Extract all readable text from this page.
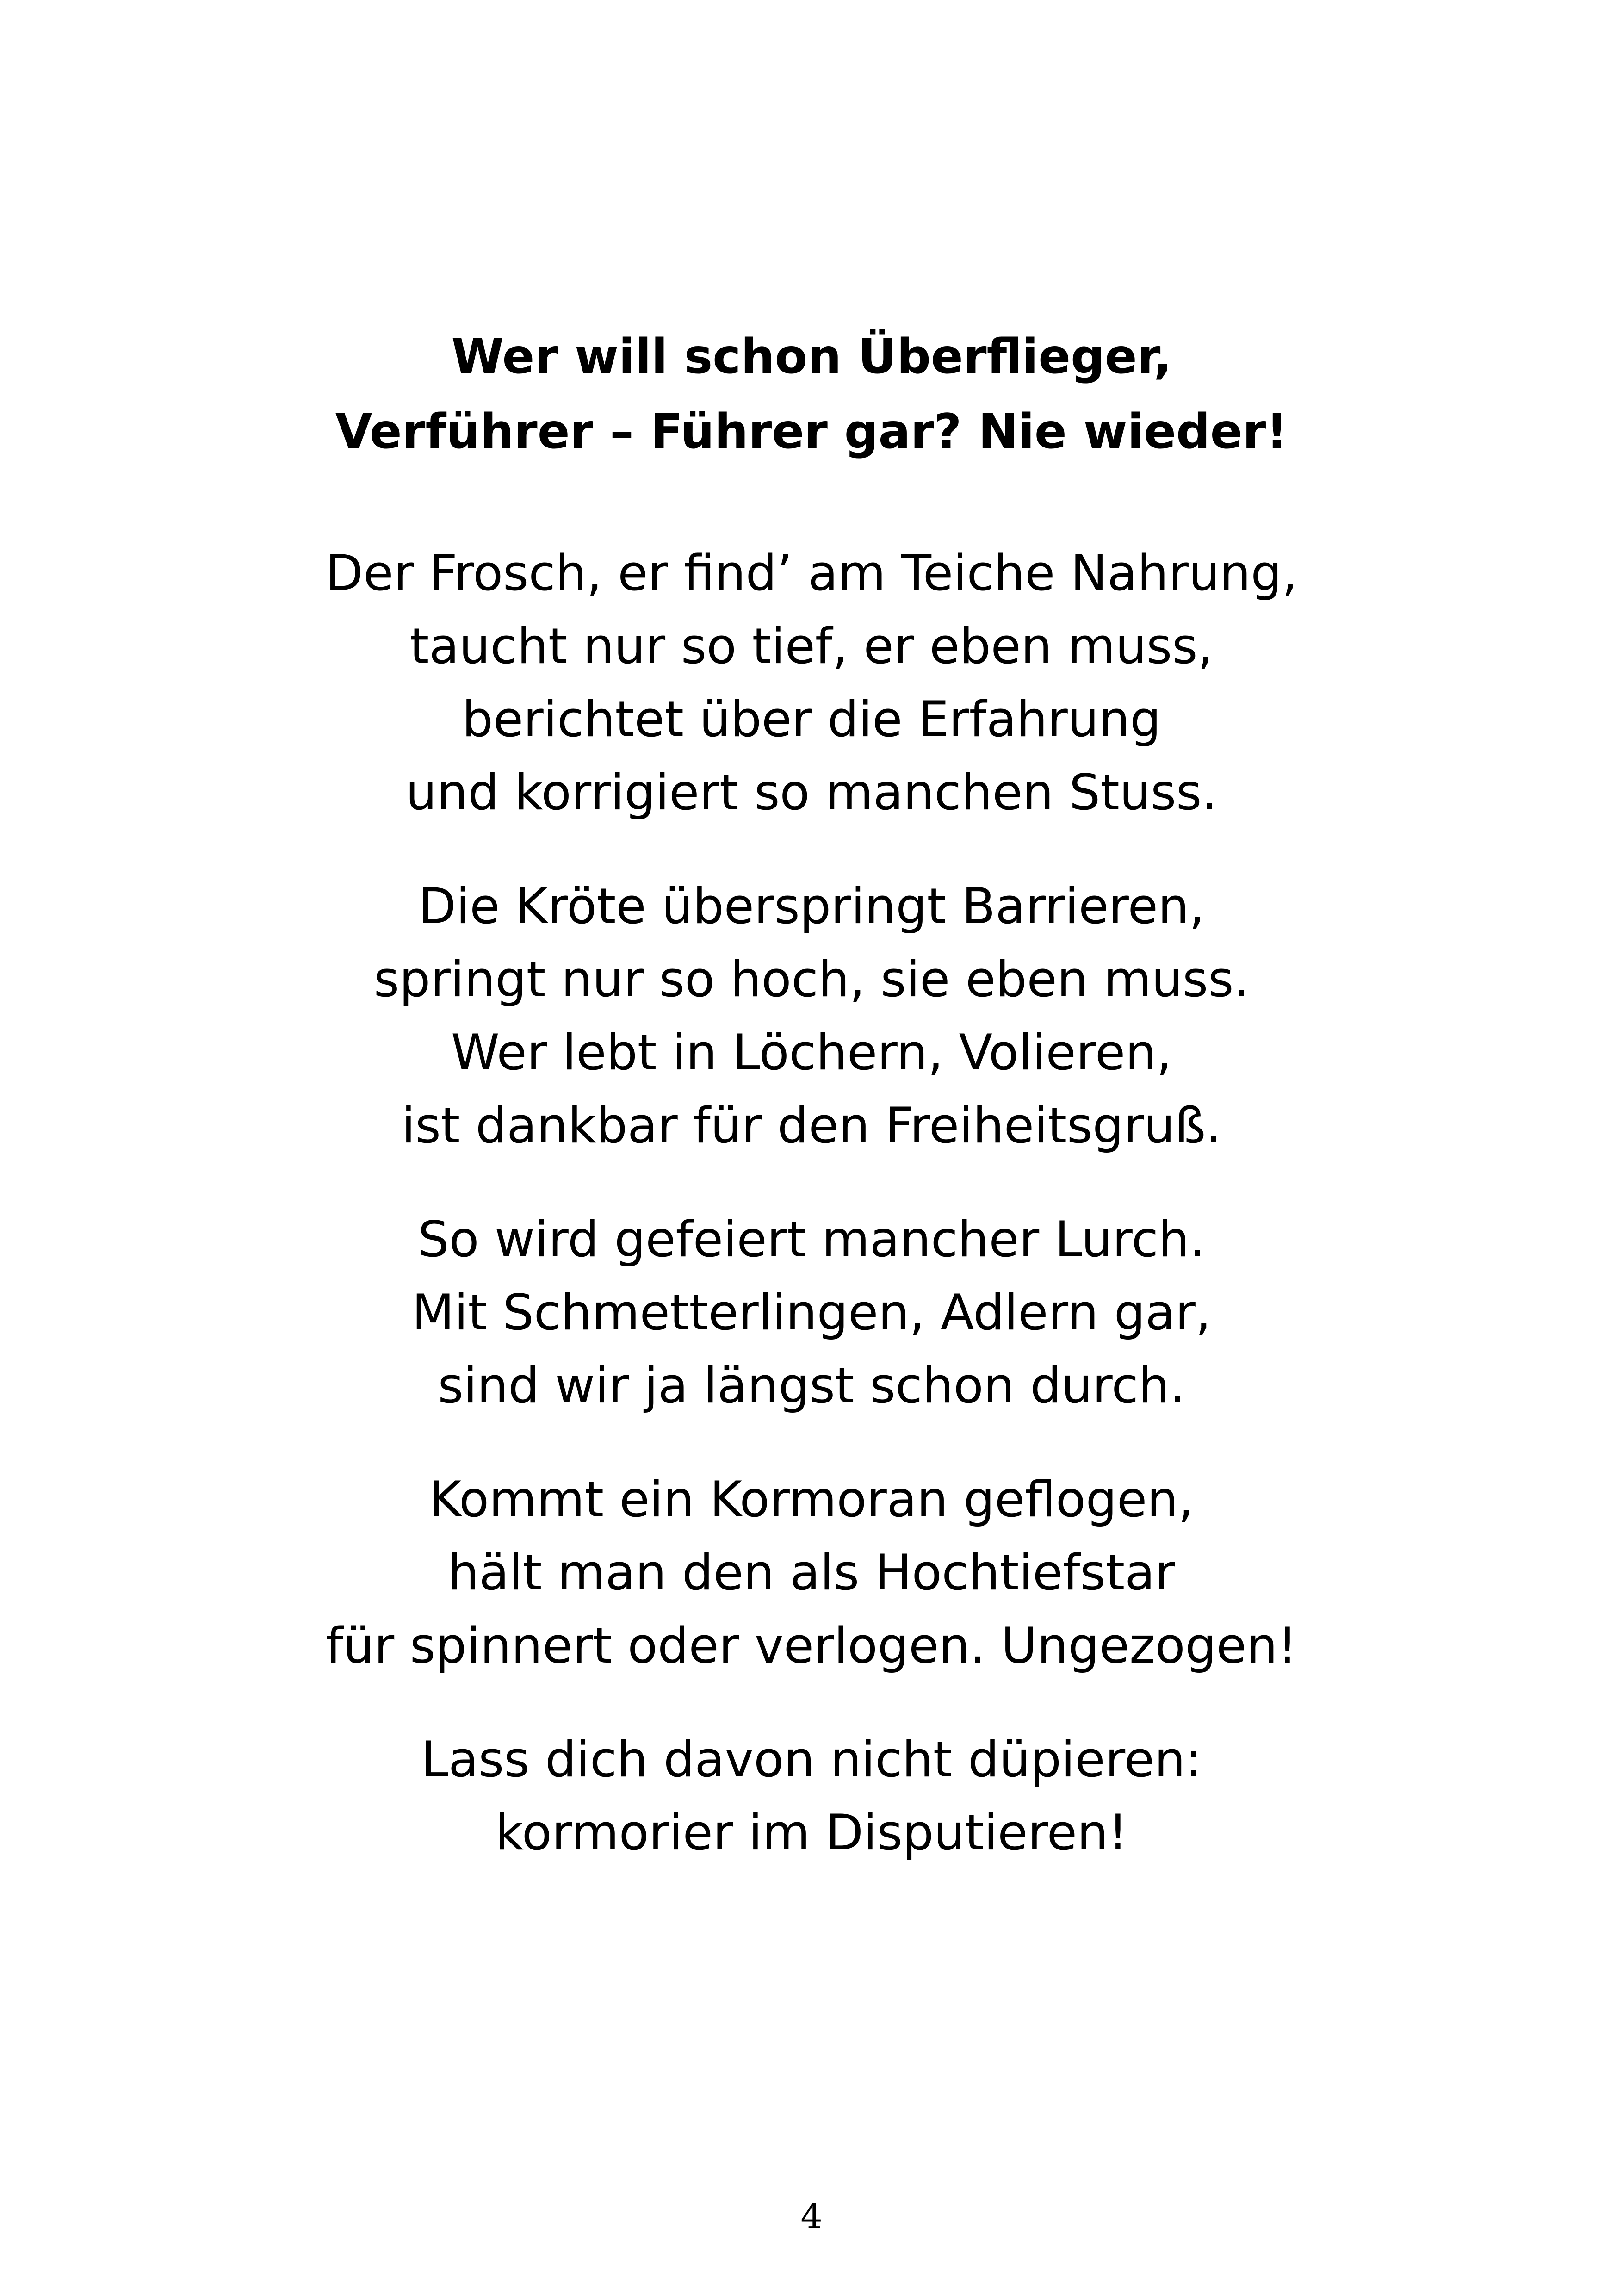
Wer will schon Überflieger,
Verführer – Führer gar? Nie wieder!

Der Frosch, er find’ am Teiche Nahrung,
taucht nur so tief, er eben muss,
berichtet über die Erfahrung
und korrigiert so manchen Stuss.

Die Kröte überspringt Barrieren,
springt nur so hoch, sie eben muss.
Wer lebt in Löchern, Volieren,
ist dankbar für den Freiheitsgruß.

So wird gefeiert mancher Lurch.
Mit Schmetterlingen, Adlern gar,
sind wir ja längst schon durch.

Kommt ein Kormoran geflogen,
hält man den als Hochtiefstar
für spinnert oder verlogen. Ungezogen!

Lass dich davon nicht düpieren:
kormorier im Disputieren!

4
